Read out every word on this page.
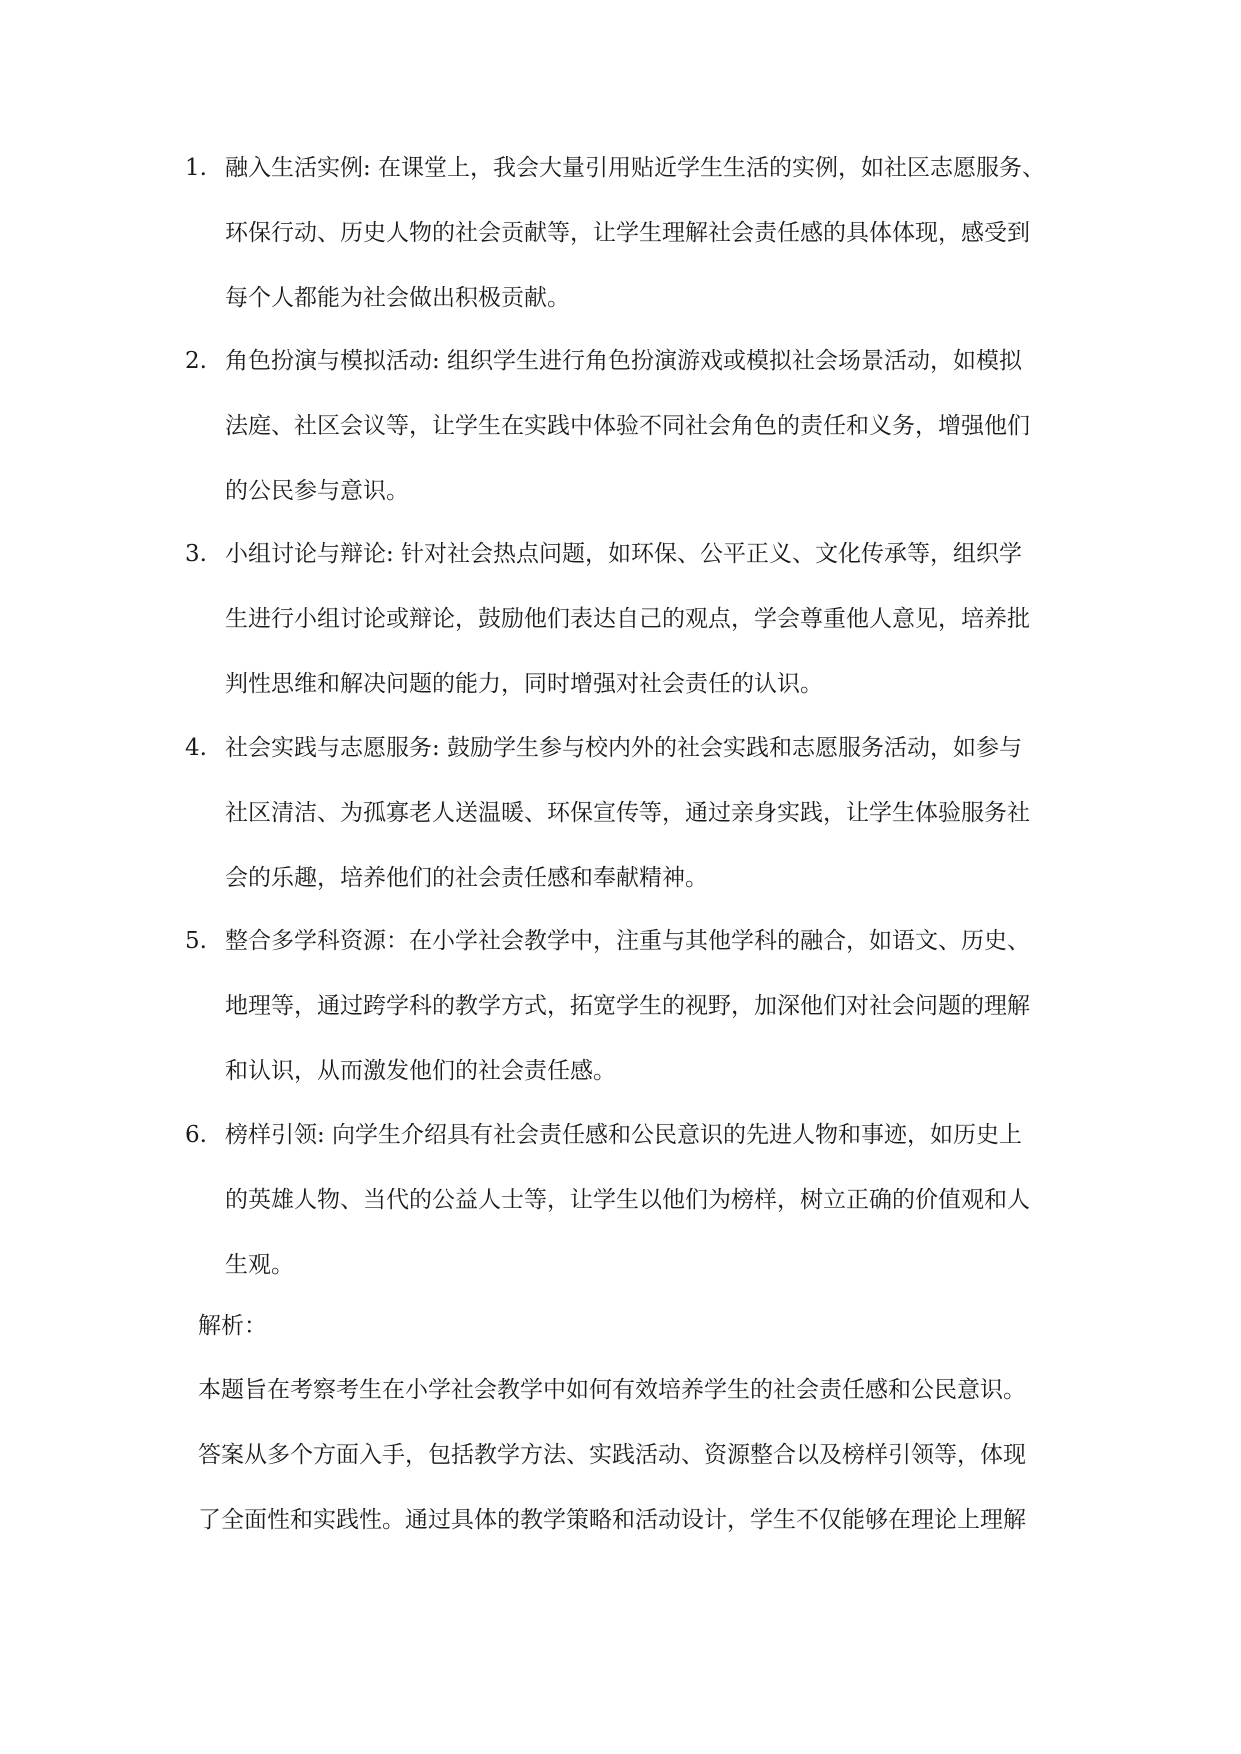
1. 融入生活实例: 在课堂上，我会大量引用贴近学生生活的实例，如社区志愿服务、
环保行动、历史人物的社会贡献等，让学生理解社会责任感的具体体现，感受到
每个人都能为社会做出积极贡献。
2. 角色扮演与模拟活动: 组织学生进行角色扮演游戏或模拟社会场景活动，如模拟
法庭、社区会议等，让学生在实践中体验不同社会角色的责任和义务，增强他们
的公民参与意识。
3. 小组讨论与辩论: 针对社会热点问题，如环保、公平正义、文化传承等，组织学
生进行小组讨论或辩论，鼓励他们表达自己的观点，学会尊重他人意见，培养批
判性思维和解决问题的能力，同时增强对社会责任的认识。
4. 社会实践与志愿服务: 鼓励学生参与校内外的社会实践和志愿服务活动，如参与
社区清洁、为孤寡老人送温暖、环保宣传等，通过亲身实践，让学生体验服务社
会的乐趣，培养他们的社会责任感和奉献精神。
5. 整合多学科资源：在小学社会教学中，注重与其他学科的融合，如语文、历史、
地理等，通过跨学科的教学方式，拓宽学生的视野，加深他们对社会问题的理解
和认识，从而激发他们的社会责任感。
6. 榜样引领: 向学生介绍具有社会责任感和公民意识的先进人物和事迹，如历史上
的英雄人物、当代的公益人士等，让学生以他们为榜样，树立正确的价值观和人
生观。
解析：
本题旨在考察考生在小学社会教学中如何有效培养学生的社会责任感和公民意识。
答案从多个方面入手，包括教学方法、实践活动、资源整合以及榜样引领等，体现
了全面性和实践性。通过具体的教学策略和活动设计，学生不仅能够在理论上理解
